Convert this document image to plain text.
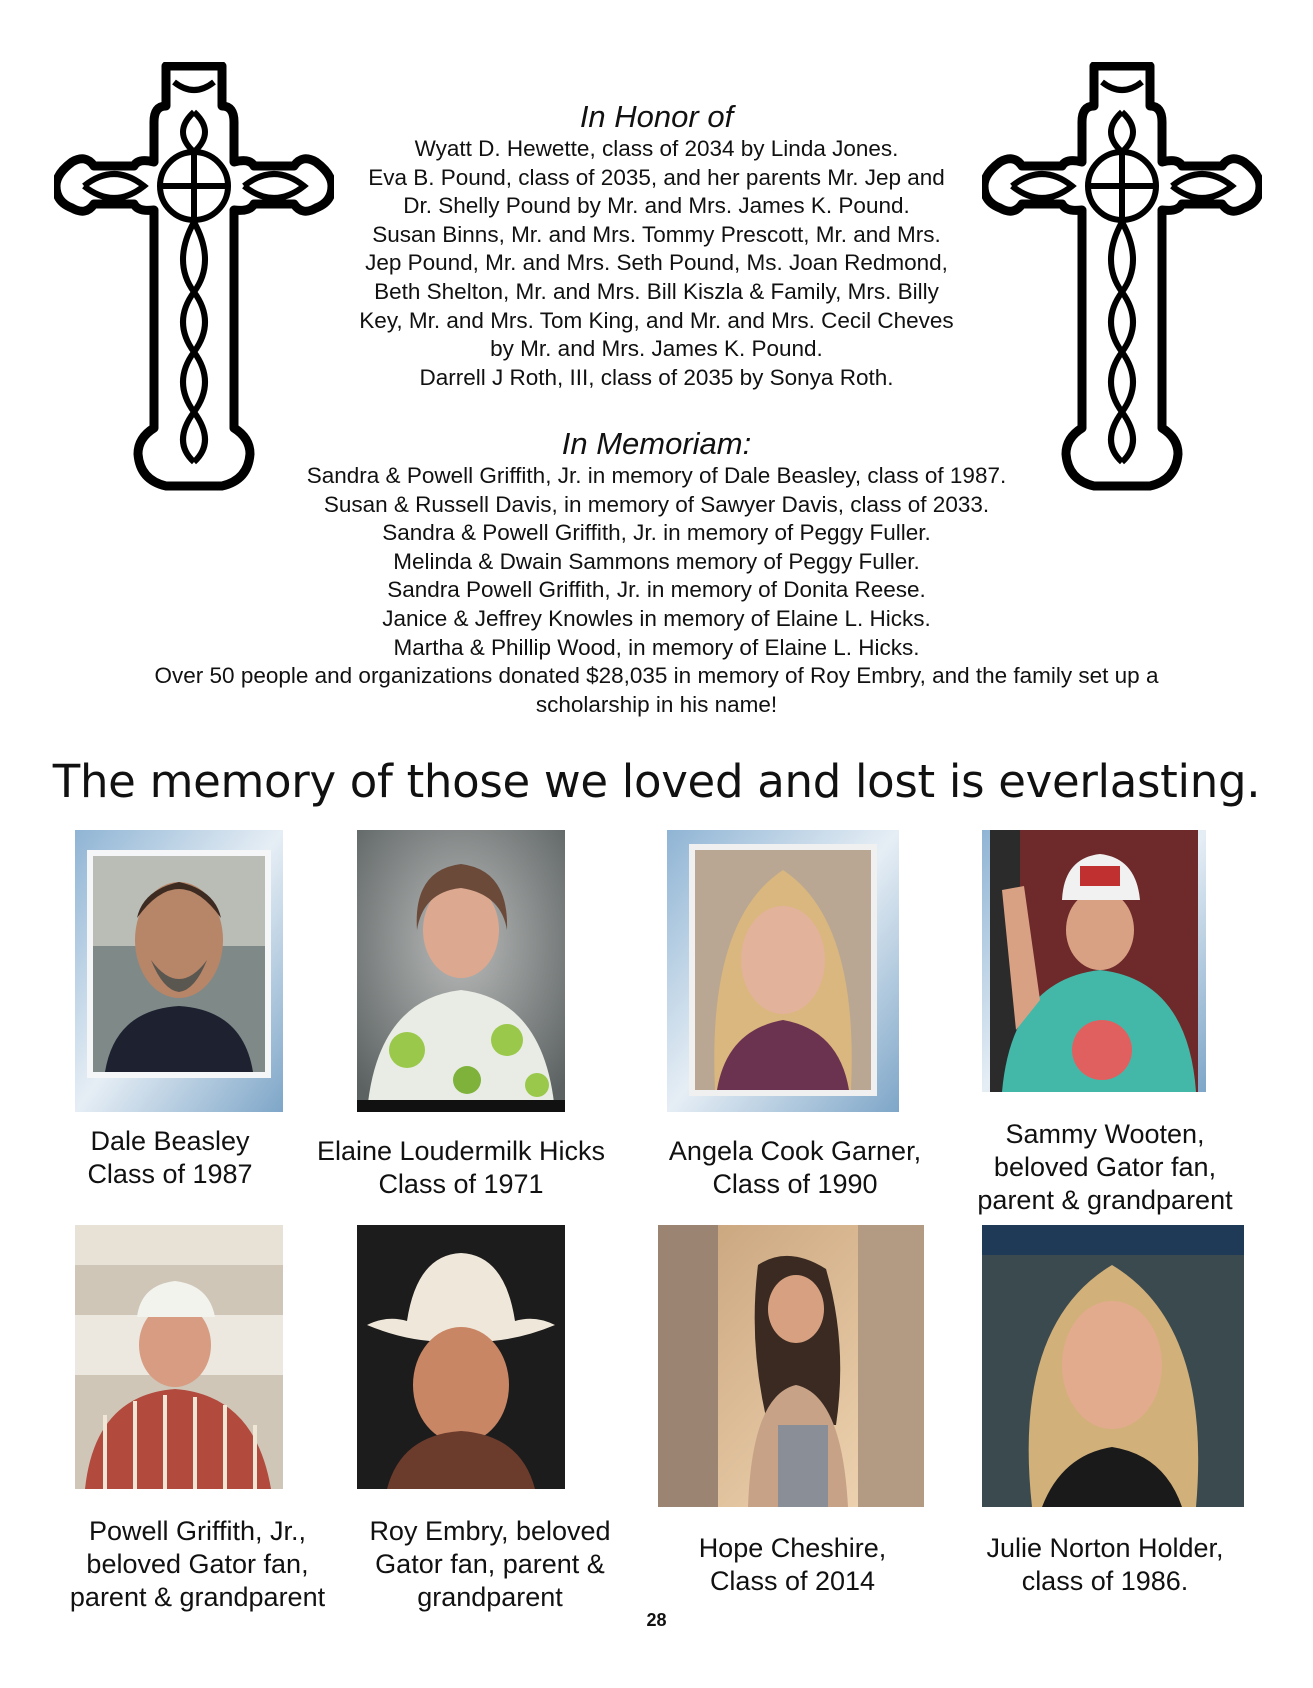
In Honor of
Wyatt D. Hewette, class of 2034 by Linda Jones.
Eva B. Pound, class of 2035, and her parents Mr. Jep and
Dr. Shelly Pound by Mr. and Mrs. James K. Pound.
Susan Binns, Mr. and Mrs. Tommy Prescott, Mr. and Mrs.
Jep Pound, Mr. and Mrs. Seth Pound, Ms. Joan Redmond,
Beth Shelton, Mr. and Mrs. Bill Kiszla & Family, Mrs. Billy
Key, Mr. and Mrs. Tom King, and Mr. and Mrs. Cecil Cheves
by Mr. and Mrs. James K. Pound.
Darrell J Roth, III, class of 2035 by Sonya Roth.
In Memoriam:
Sandra & Powell Griffith, Jr. in memory of Dale Beasley, class of 1987.
Susan & Russell Davis, in memory of Sawyer Davis, class of 2033.
Sandra & Powell Griffith, Jr. in memory of Peggy Fuller.
Melinda & Dwain Sammons memory of Peggy Fuller.
Sandra Powell Griffith, Jr. in memory of Donita Reese.
Janice & Jeffrey Knowles in memory of Elaine L. Hicks.
Martha & Phillip Wood, in memory of Elaine L. Hicks.
Over 50 people and organizations donated $28,035 in memory of Roy Embry, and the family set up a
scholarship in his name!
The memory of those we loved and lost is everlasting.
Dale Beasley
Class of 1987
Elaine Loudermilk Hicks
Class of 1971
Angela Cook Garner,
Class of 1990
Sammy Wooten,
beloved Gator fan,
parent & grandparent
Powell Griffith, Jr.,
beloved Gator fan,
parent & grandparent
Roy Embry, beloved
Gator fan, parent &
grandparent
Hope Cheshire,
Class of 2014
Julie Norton Holder,
class of 1986.
28
